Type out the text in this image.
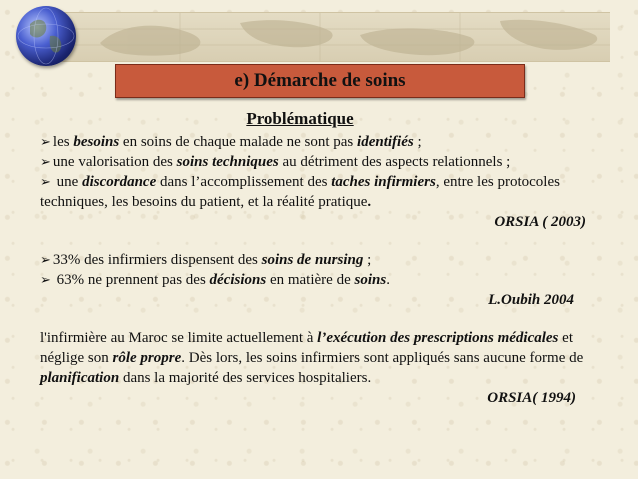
e) Démarche de soins
Problématique

➢ les besoins en soins de chaque malade ne sont pas identifiés ;

➢ une valorisation des soins techniques au détriment des aspects relationnels ;

➢ une discordance dans l’accomplissement des taches infirmiers, entre les protocoles techniques, les besoins du patient, et la réalité pratique.

ORSIA ( 2003)

➢ 33% des infirmiers dispensent des soins de nursing ;

➢ 63% ne prennent pas des décisions en matière de soins.

L.Oubih 2004

l'infirmière au Maroc se limite actuellement à l’exécution des prescriptions médicales et néglige son rôle propre. Dès lors, les soins infirmiers sont appliqués sans aucune forme de planification dans la majorité des services hospitaliers.

ORSIA( 1994)
